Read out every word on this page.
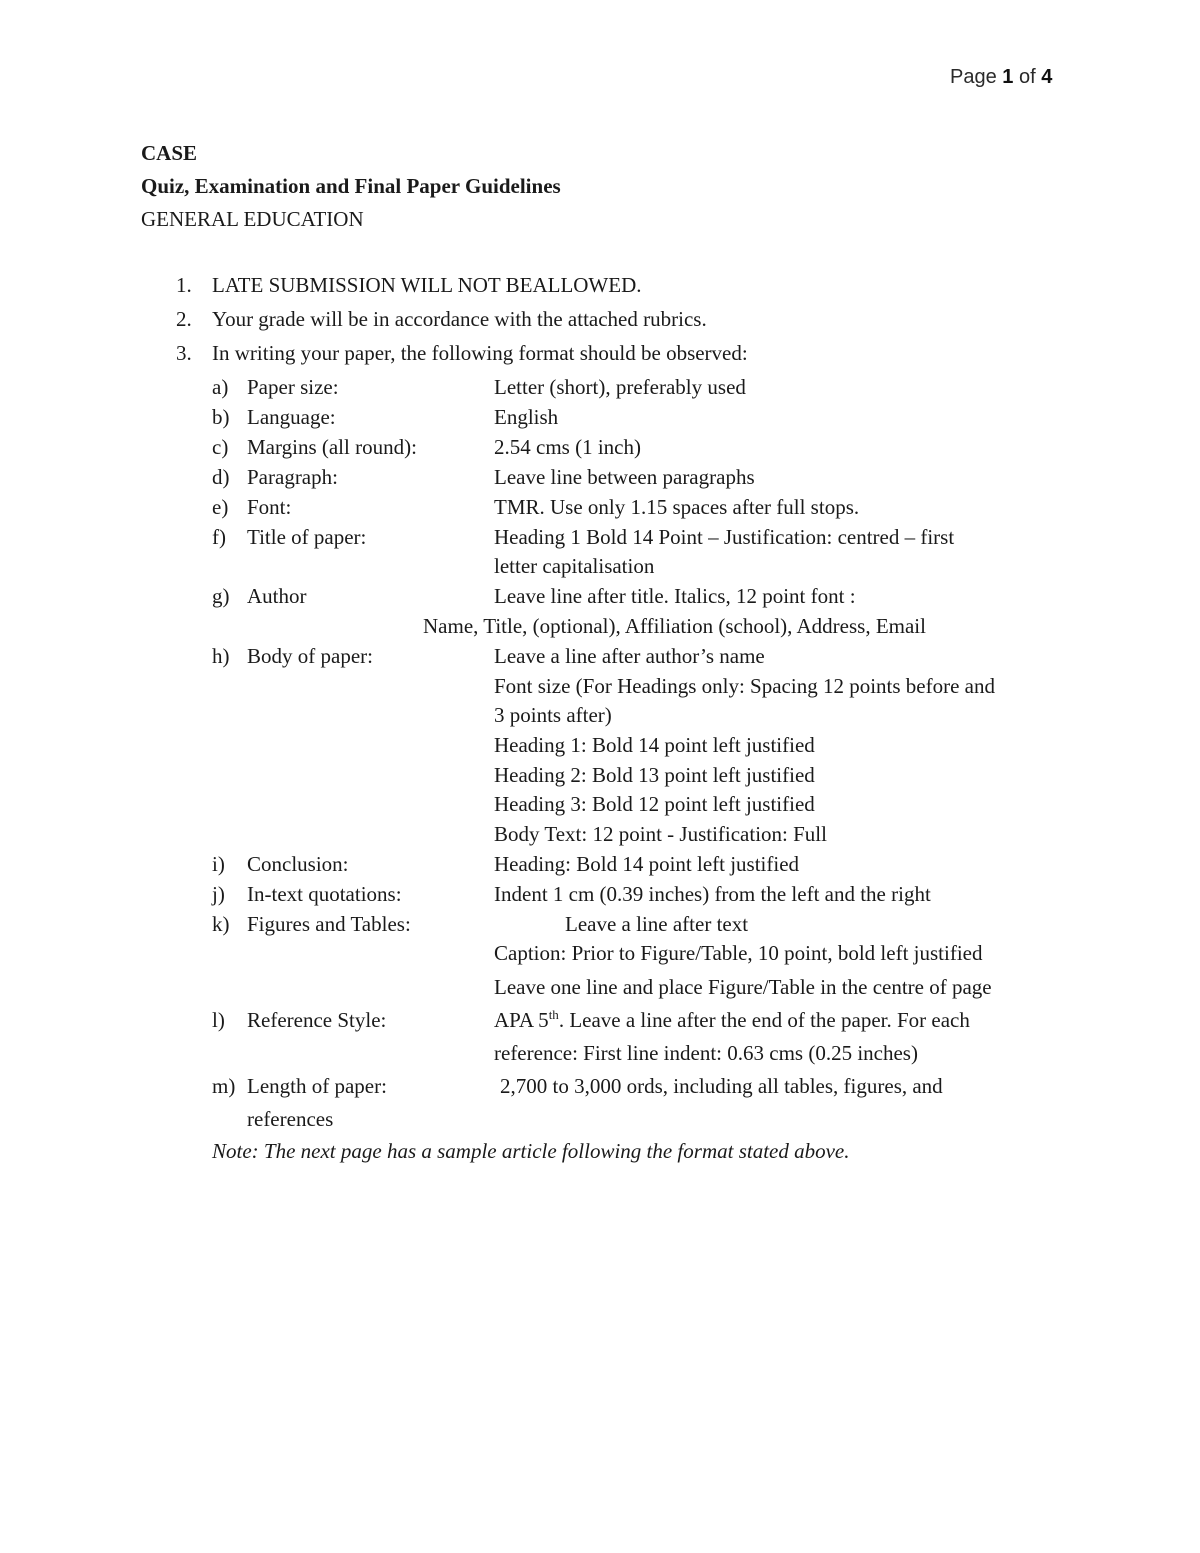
Page 1 of 4
CASE
Quiz, Examination and Final Paper Guidelines
GENERAL EDUCATION
1. LATE SUBMISSION WILL NOT BEALLOWED.
2. Your grade will be in accordance with the attached rubrics.
3. In writing your paper, the following format should be observed:
a) Paper size:	Letter (short), preferably used
b) Language:	English
c) Margins (all round):	2.54 cms (1 inch)
d) Paragraph:	Leave line between paragraphs
e) Font:	TMR. Use only 1.15 spaces after full stops.
f) Title of paper:	Heading 1 Bold 14 Point – Justification: centred – first
letter capitalisation
g) Author	Leave line after title. Italics, 12 point font :
Name, Title, (optional), Affiliation (school), Address, Email
h) Body of paper:	Leave a line after author’s name
Font size (For Headings only: Spacing 12 points before and
3 points after)
Heading 1: Bold 14 point left justified
Heading 2: Bold 13 point left justified
Heading 3: Bold 12 point left justified
Body Text: 12 point - Justification: Full
i) Conclusion:	Heading: Bold 14 point left justified
j) In-text quotations:	Indent 1 cm (0.39 inches) from the left and the right
k) Figures and Tables:	Leave a line after text
Caption: Prior to Figure/Table, 10 point, bold left justified
Leave one line and place Figure/Table in the centre of page
l) Reference Style:	APA 5th. Leave a line after the end of the paper. For each
reference: First line indent: 0.63 cms (0.25 inches)
m) Length of paper:	2,700 to 3,000 ords, including all tables, figures, and
references
Note: The next page has a sample article following the format stated above.
